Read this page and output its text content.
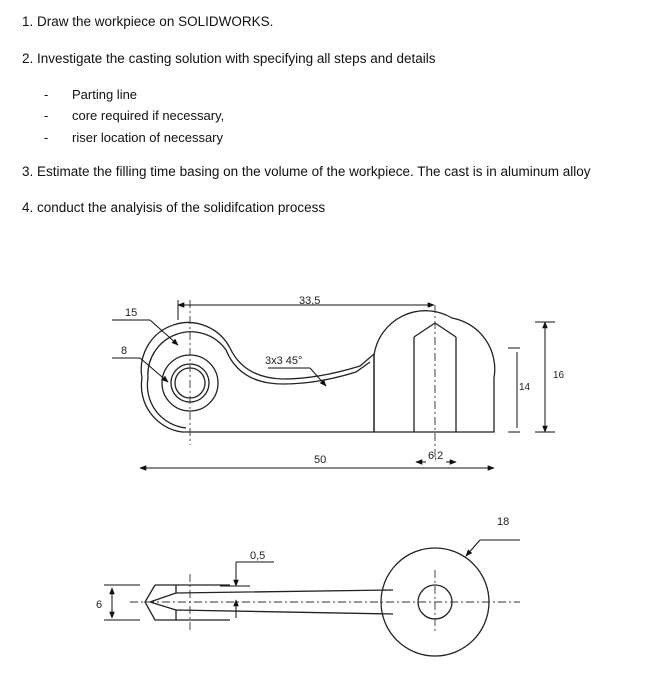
1. Draw the workpiece on SOLIDWORKS.
2. Investigate the casting solution with specifying all steps and details
- Parting line
- core required if necessary,
- riser location of necessary
3. Estimate the filling time basing on the volume of the workpiece. The cast is in aluminum alloy
4. conduct the analyisis of the solidifcation process
15
8
33,5
3x3 45°
14
16
50	6,2
18
0,5
6
